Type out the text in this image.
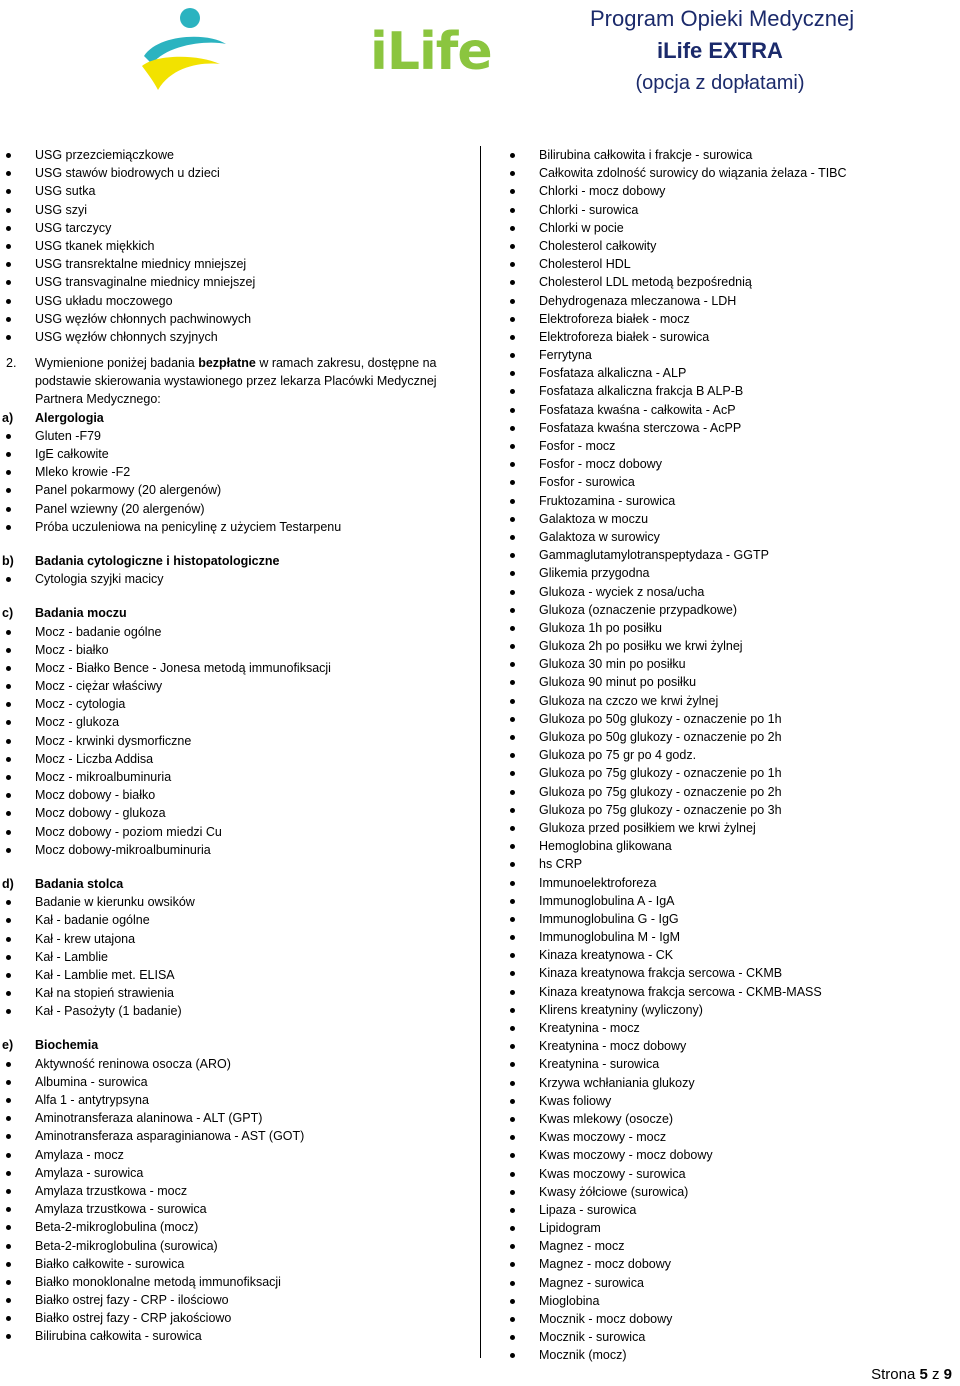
iLife
Program Opieki Medycznej
iLife EXTRA
(opcja z dopłatami)
USG przezciemiączkowe
USG stawów biodrowych u dzieci
USG sutka
USG szyi
USG tarczycy
USG tkanek miękkich
USG transrektalne miednicy mniejszej
USG transvaginalne miednicy mniejszej
USG układu moczowego
USG węzłów chłonnych pachwinowych
USG węzłów chłonnych szyjnych
2. Wymienione poniżej badania bezpłatne w ramach zakresu, dostępne na podstawie skierowania wystawionego przez lekarza Placówki Medycznej Partnera Medycznego:
a) Alergologia
Gluten -F79
IgE całkowite
Mleko krowie -F2
Panel pokarmowy (20 alergenów)
Panel wziewny (20 alergenów)
Próba uczuleniowa na penicylinę z użyciem Testarpenu
b) Badania cytologiczne i histopatologiczne
Cytologia szyjki macicy
c) Badania moczu
Mocz - badanie ogólne
Mocz - białko
Mocz - Białko Bence - Jonesa metodą immunofiksacji
Mocz - ciężar właściwy
Mocz - cytologia
Mocz - glukoza
Mocz - krwinki dysmorficzne
Mocz - Liczba Addisa
Mocz - mikroalbuminuria
Mocz dobowy - białko
Mocz dobowy - glukoza
Mocz dobowy - poziom miedzi Cu
Mocz dobowy-mikroalbuminuria
d) Badania stolca
Badanie w kierunku owsików
Kał - badanie ogólne
Kał - krew utajona
Kał - Lamblie
Kał - Lamblie met. ELISA
Kał na stopień strawienia
Kał - Pasożyty (1 badanie)
e) Biochemia
Aktywność reninowa osocza (ARO)
Albumina - surowica
Alfa 1 - antytrypsyna
Aminotransferaza alaninowa - ALT (GPT)
Aminotransferaza asparaginianowa - AST (GOT)
Amylaza - mocz
Amylaza - surowica
Amylaza trzustkowa - mocz
Amylaza trzustkowa - surowica
Beta-2-mikroglobulina (mocz)
Beta-2-mikroglobulina (surowica)
Białko całkowite - surowica
Białko monoklonalne metodą immunofiksacji
Białko ostrej fazy - CRP - ilościowo
Białko ostrej fazy - CRP jakościowo
Bilirubina całkowita - surowica
Bilirubina całkowita i frakcje - surowica
Całkowita zdolność surowicy do wiązania żelaza - TIBC
Chlorki - mocz dobowy
Chlorki - surowica
Chlorki w pocie
Cholesterol całkowity
Cholesterol HDL
Cholesterol LDL metodą bezpośrednią
Dehydrogenaza mleczanowa - LDH
Elektroforeza białek - mocz
Elektroforeza białek - surowica
Ferrytyna
Fosfataza alkaliczna - ALP
Fosfataza alkaliczna frakcja B ALP-B
Fosfataza kwaśna - całkowita - AcP
Fosfataza kwaśna sterczowa - AcPP
Fosfor - mocz
Fosfor - mocz dobowy
Fosfor - surowica
Fruktozamina - surowica
Galaktoza w moczu
Galaktoza w surowicy
Gammaglutamylotranspeptydaza - GGTP
Glikemia przygodna
Glukoza - wyciek z nosa/ucha
Glukoza (oznaczenie przypadkowe)
Glukoza 1h po posiłku
Glukoza 2h po posiłku we krwi żylnej
Glukoza 30 min po posiłku
Glukoza 90 minut po posiłku
Glukoza na czczo we krwi żylnej
Glukoza po 50g glukozy - oznaczenie po 1h
Glukoza po 50g glukozy - oznaczenie po 2h
Glukoza po 75 gr po 4 godz.
Glukoza po 75g glukozy - oznaczenie po 1h
Glukoza po 75g glukozy - oznaczenie po 2h
Glukoza po 75g glukozy - oznaczenie po 3h
Glukoza przed posiłkiem we krwi żylnej
Hemoglobina glikowana
hs CRP
Immunoelektroforeza
Immunoglobulina A - IgA
Immunoglobulina G - IgG
Immunoglobulina M - IgM
Kinaza kreatynowa - CK
Kinaza kreatynowa frakcja sercowa - CKMB
Kinaza kreatynowa frakcja sercowa - CKMB-MASS
Klirens kreatyniny (wyliczony)
Kreatynina - mocz
Kreatynina - mocz dobowy
Kreatynina - surowica
Krzywa wchłaniania glukozy
Kwas foliowy
Kwas mlekowy (osocze)
Kwas moczowy - mocz
Kwas moczowy - mocz dobowy
Kwas moczowy - surowica
Kwasy żółciowe (surowica)
Lipaza - surowica
Lipidogram
Magnez - mocz
Magnez - mocz dobowy
Magnez - surowica
Mioglobina
Mocznik - mocz dobowy
Mocznik - surowica
Mocznik (mocz)
Strona 5 z 9
